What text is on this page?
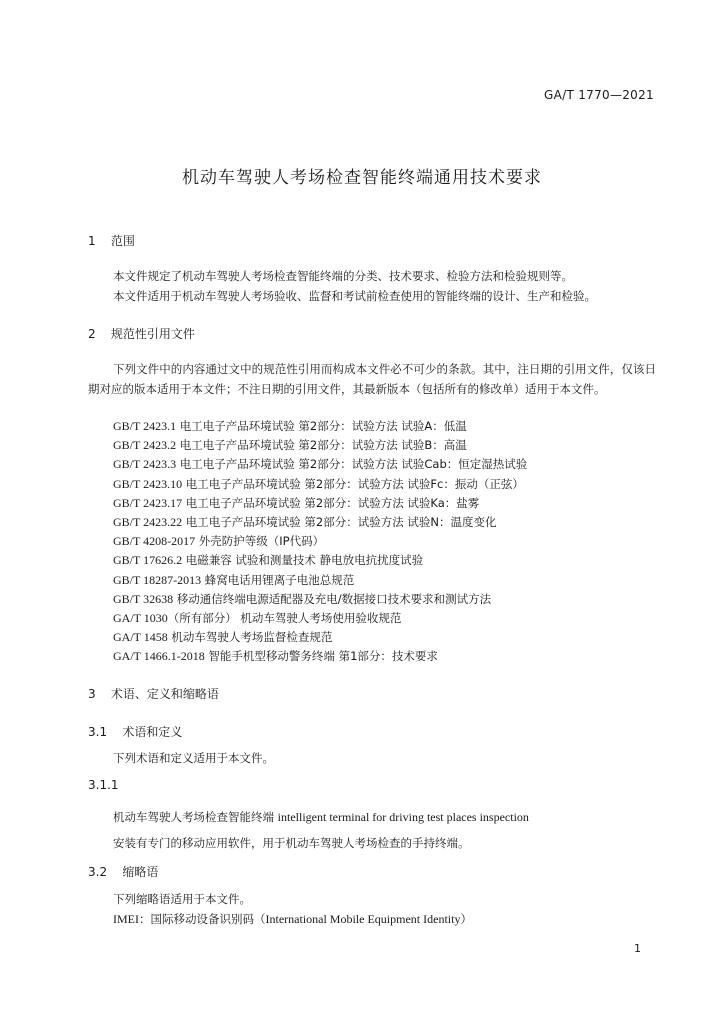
GA/T 1770—2021
机动车驾驶人考场检查智能终端通用技术要求
1 范围
本文件规定了机动车驾驶人考场检查智能终端的分类、技术要求、检验方法和检验规则等。
本文件适用于机动车驾驶人考场验收、监督和考试前检查使用的智能终端的设计、生产和检验。
2 规范性引用文件
下列文件中的内容通过文中的规范性引用而构成本文件必不可少的条款。其中，注日期的引用文件，仅该日期对应的版本适用于本文件；不注日期的引用文件，其最新版本（包括所有的修改单）适用于本文件。
GB/T 2423.1 电工电子产品环境试验 第2部分：试验方法 试验A：低温
GB/T 2423.2 电工电子产品环境试验 第2部分：试验方法 试验B：高温
GB/T 2423.3 电工电子产品环境试验 第2部分：试验方法 试验Cab：恒定湿热试验
GB/T 2423.10 电工电子产品环境试验 第2部分：试验方法 试验Fc：振动（正弦）
GB/T 2423.17 电工电子产品环境试验 第2部分：试验方法 试验Ka：盐雾
GB/T 2423.22 电工电子产品环境试验 第2部分：试验方法 试验N：温度变化
GB/T 4208-2017 外壳防护等级（IP代码）
GB/T 17626.2 电磁兼容 试验和测量技术 静电放电抗扰度试验
GB/T 18287-2013 蜂窝电话用锂离子电池总规范
GB/T 32638 移动通信终端电源适配器及充电/数据接口技术要求和测试方法
GA/T 1030（所有部分） 机动车驾驶人考场使用验收规范
GA/T 1458 机动车驾驶人考场监督检查规范
GA/T 1466.1-2018 智能手机型移动警务终端 第1部分：技术要求
3 术语、定义和缩略语
3.1 术语和定义
下列术语和定义适用于本文件。
3.1.1
机动车驾驶人考场检查智能终端 intelligent terminal for driving test places inspection
安装有专门的移动应用软件，用于机动车驾驶人考场检查的手持终端。
3.2 缩略语
下列缩略语适用于本文件。
IMEI：国际移动设备识别码（International Mobile Equipment Identity）
1
